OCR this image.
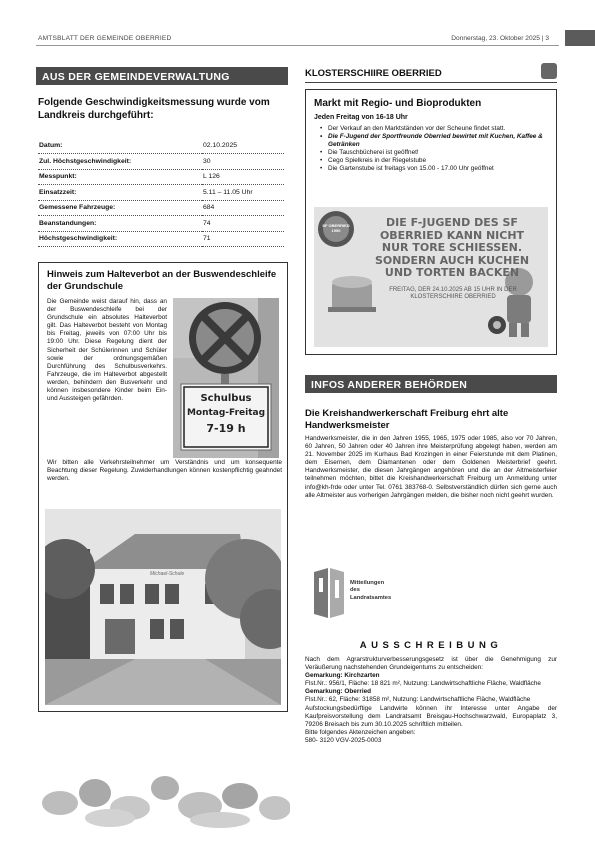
AMTSBLATT DER GEMEINDE OBERRIED	Donnerstag, 23. Oktober 2025 | 3
AUS DER GEMEINDEVERWALTUNG
Folgende Geschwindigkeitsmessung wurde vom Landkreis durchgeführt:
Datum:	02.10.2025
Zul. Höchstgeschwindigkeit:	30
Messpunkt:	L 126
Einsatzzeit:	5.11 – 11.05 Uhr
Gemessene Fahrzeuge:	684
Beanstandungen:	74
Höchstgeschwindigkeit:	71
Hinweis zum Halteverbot an der Buswendeschleife der Grundschule
Die Gemeinde weist darauf hin, dass an der Buswendeschleife bei der Grundschule ein absolutes Halteverbot gilt. Das Halteverbot besteht von Montag bis Freitag, jeweils von 07:00 Uhr bis 19:00 Uhr. Diese Regelung dient der Sicherheit der Schülerinnen und Schüler sowie der ordnungsgemäßen Durchführung des Schulbusverkehrs. Fahrzeuge, die im Halteverbot abgestellt werden, behindern den Busverkehr und können insbesondere Kinder beim Ein- und Aussteigen gefährden.	Schulbus
Montag-Freitag
7-19 h
Wir bitten alle Verkehrsteilnehmer um Verständnis und um konsequente Beachtung dieser Regelung. Zuwiderhandlungen können kostenpflichtig geahndet werden.
Michael-Schule
KLOSTERSCHIIRE OBERRIED
Markt mit Regio- und Bioprodukten
Jeden Freitag von 16-18 Uhr
• Der Verkauf an den Marktständen vor der Scheune findet statt.
• Die F-Jugend der Sportfreunde Oberried bewirtet mit Kuchen, Kaffee & Getränken
• Die Tauschbücherei ist geöffnet!
• Cego Spielkreis in der Riegelstube
• Die Gartenstube ist freitags von 15.00 - 17.00 Uhr geöffnet
SF OBERRIED 1950
DIE F-JUGEND DES SF OBERRIED KANN NICHT NUR TORE SCHIESSEN. SONDERN AUCH KUCHEN UND TORTEN BACKEN
FREITAG, DER 24.10.2025 AB 15 UHR IN DER KLOSTERSCHIIRE OBERRIED
INFOS ANDERER BEHÖRDEN
Die Kreishandwerkerschaft Freiburg ehrt alte Handwerksmeister
Handwerksmeister, die in den Jahren 1955, 1965, 1975 oder 1985, also vor 70 Jahren, 60 Jahren, 50 Jahren oder 40 Jahren ihre Meisterprüfung abgelegt haben, werden am 21. November 2025 im Kurhaus Bad Krozingen in einer Feierstunde mit dem Platinen, dem Eisernen, dem Diamantenen oder dem Goldenen Meisterbrief geehrt. Handwerksmeister, die diesen Jahrgängen angehören und die an der Altmeisterfeier teilnehmen möchten, bittet die Kreishandwerkerschaft Freiburg um Anmeldung unter info@kh-frde oder unter Tel. 0761 383768-0. Selbstverständlich dürfen sich gerne auch alle Altmeister aus vorherigen Jahrgängen melden, die bisher noch nicht geehrt wurden.
Mitteilungen
des
Landratsamtes
AUSSCHREIBUNG
Nach dem Agrarstrukturverbesserungsgesetz ist über die Genehmigung zur Veräußerung nachstehenden Grundeigentums zu entscheiden:
Gemarkung: Kirchzarten
Flst.Nr.: 956/1, Fläche: 18 821 m², Nutzung: Landwirtschaftliche Fläche, Waldfläche
Gemarkung: Oberried
Flst.Nr.: 62, Fläche: 31858 m², Nutzung: Landwirtschaftliche Fläche, Waldfläche
Aufstockungsbedürftige Landwirte können ihr Interesse unter Angabe der Kaufpreisvorstellung dem Landratsamt Breisgau-Hochschwarzwald, Europaplatz 3, 79206 Breisach bis zum 30.10.2025 schriftlich mitteilen.
Bitte folgendes Aktenzeichen angeben:
580- 3120 VGV-2025-0003
